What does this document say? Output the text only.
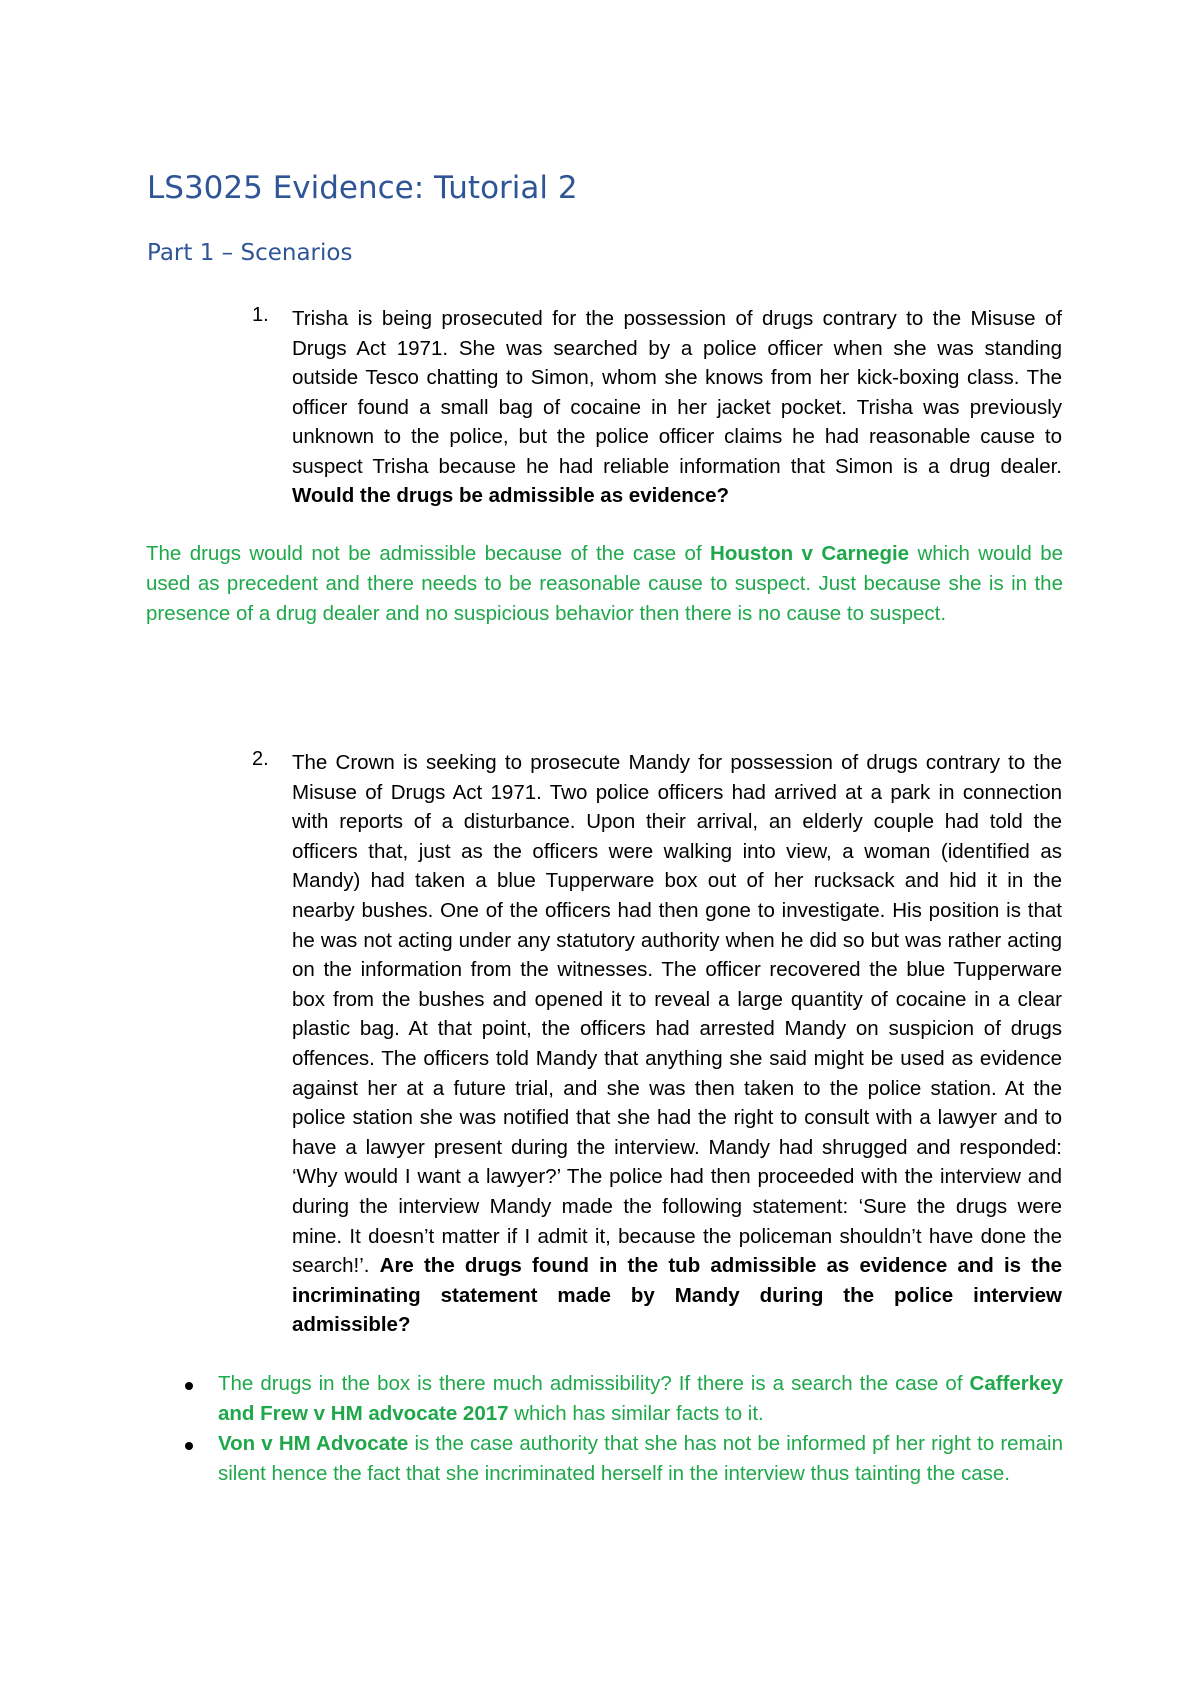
LS3025 Evidence: Tutorial 2
Part 1 – Scenarios
1. Trisha is being prosecuted for the possession of drugs contrary to the Misuse of Drugs Act 1971. She was searched by a police officer when she was standing outside Tesco chatting to Simon, whom she knows from her kick-boxing class. The officer found a small bag of cocaine in her jacket pocket. Trisha was previously unknown to the police, but the police officer claims he had reasonable cause to suspect Trisha because he had reliable information that Simon is a drug dealer. Would the drugs be admissible as evidence?

The drugs would not be admissible because of the case of Houston v Carnegie which would be used as precedent and there needs to be reasonable cause to suspect. Just because she is in the presence of a drug dealer and no suspicious behavior then there is no cause to suspect.

2. The Crown is seeking to prosecute Mandy for possession of drugs contrary to the Misuse of Drugs Act 1971. Two police officers had arrived at a park in connection with reports of a disturbance. Upon their arrival, an elderly couple had told the officers that, just as the officers were walking into view, a woman (identified as Mandy) had taken a blue Tupperware box out of her rucksack and hid it in the nearby bushes. One of the officers had then gone to investigate. His position is that he was not acting under any statutory authority when he did so but was rather acting on the information from the witnesses. The officer recovered the blue Tupperware box from the bushes and opened it to reveal a large quantity of cocaine in a clear plastic bag. At that point, the officers had arrested Mandy on suspicion of drugs offences. The officers told Mandy that anything she said might be used as evidence against her at a future trial, and she was then taken to the police station. At the police station she was notified that she had the right to consult with a lawyer and to have a lawyer present during the interview. Mandy had shrugged and responded: ‘Why would I want a lawyer?’ The police had then proceeded with the interview and during the interview Mandy made the following statement: ‘Sure the drugs were mine. It doesn’t matter if I admit it, because the policeman shouldn’t have done the search!’. Are the drugs found in the tub admissible as evidence and is the incriminating statement made by Mandy during the police interview admissible?

The drugs in the box is there much admissibility? If there is a search the case of Cafferkey and Frew v HM advocate 2017 which has similar facts to it.

Von v HM Advocate is the case authority that she has not be informed pf her right to remain silent hence the fact that she incriminated herself in the interview thus tainting the case.
